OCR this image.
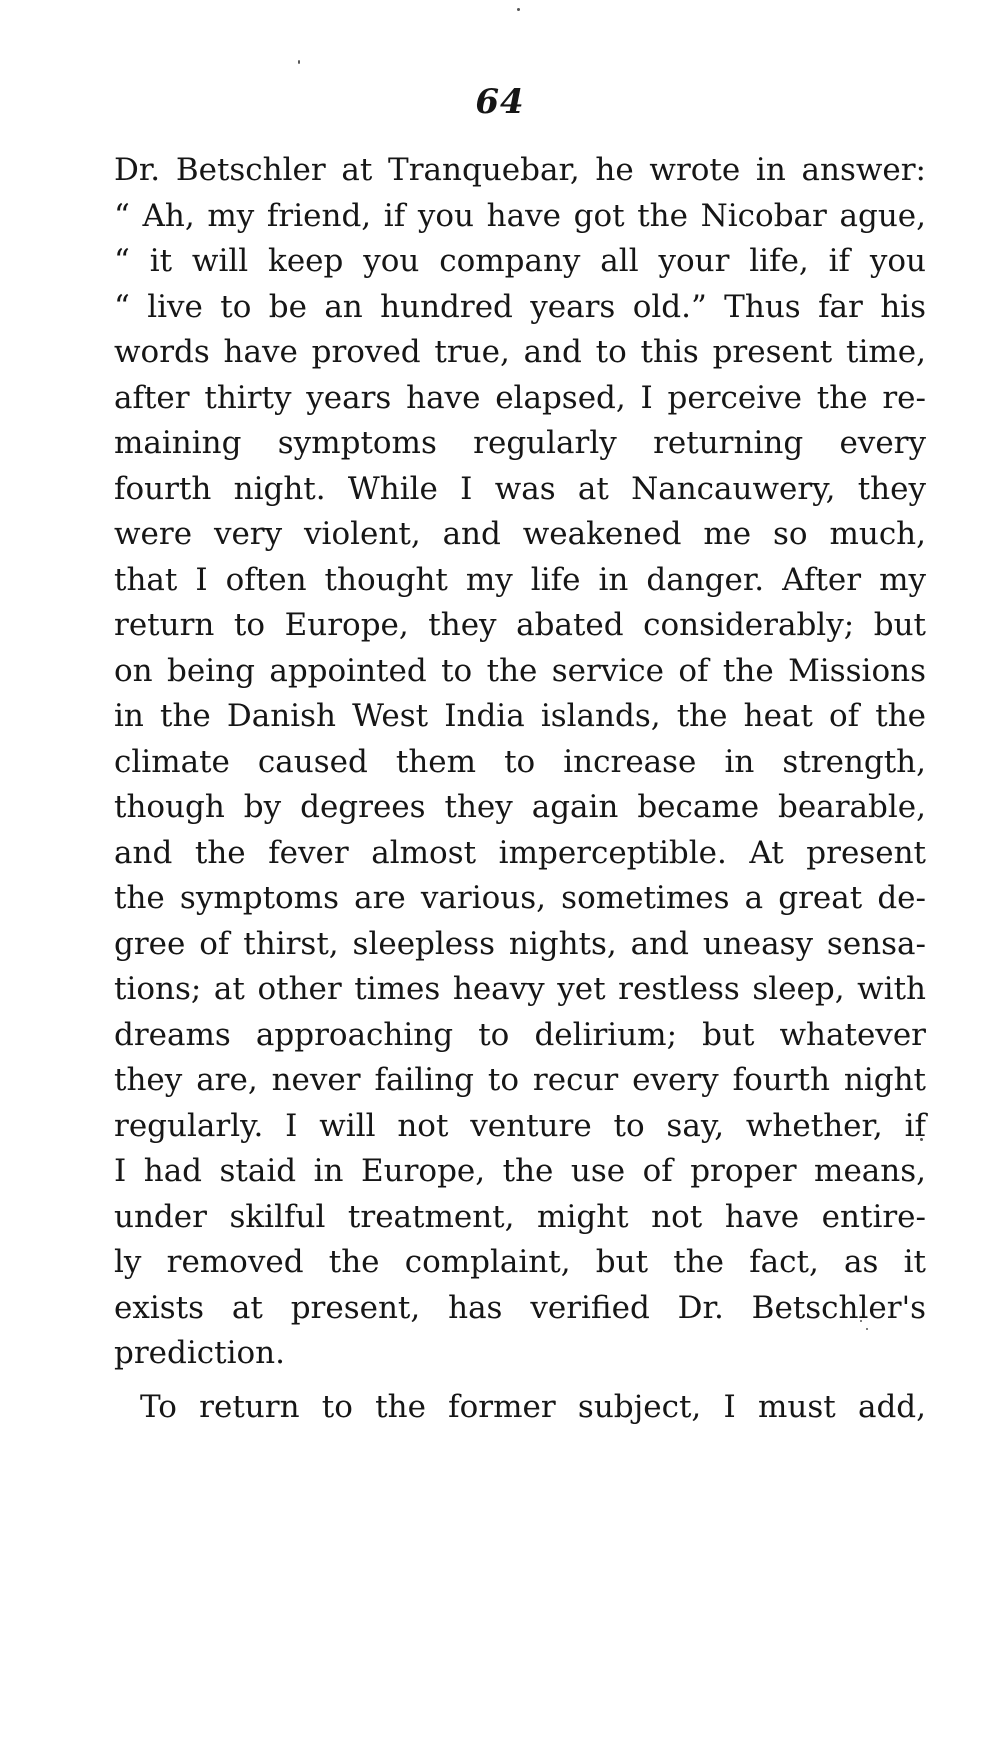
64
Dr. Betschler at Tranquebar, he wrote in answer:
“ Ah, my friend, if you have got the Nicobar ague,
“ it will keep you company all your life, if you
“ live to be an hundred years old.” Thus far his
words have proved true, and to this present time,
after thirty years have elapsed, I perceive the re-
maining symptoms regularly returning every
fourth night. While I was at Nancauwery, they
were very violent, and weakened me so much,
that I often thought my life in danger. After my
return to Europe, they abated considerably; but
on being appointed to the service of the Missions
in the Danish West India islands, the heat of the
climate caused them to increase in strength,
though by degrees they again became bearable,
and the fever almost imperceptible. At present
the symptoms are various, sometimes a great de-
gree of thirst, sleepless nights, and uneasy sensa-
tions; at other times heavy yet restless sleep, with
dreams approaching to delirium; but whatever
they are, never failing to recur every fourth night
regularly. I will not venture to say, whether, if
I had staid in Europe, the use of proper means,
under skilful treatment, might not have entire-
ly removed the complaint, but the fact, as it
exists at present, has verified Dr. Betschler's
prediction.
To return to the former subject, I must add,
